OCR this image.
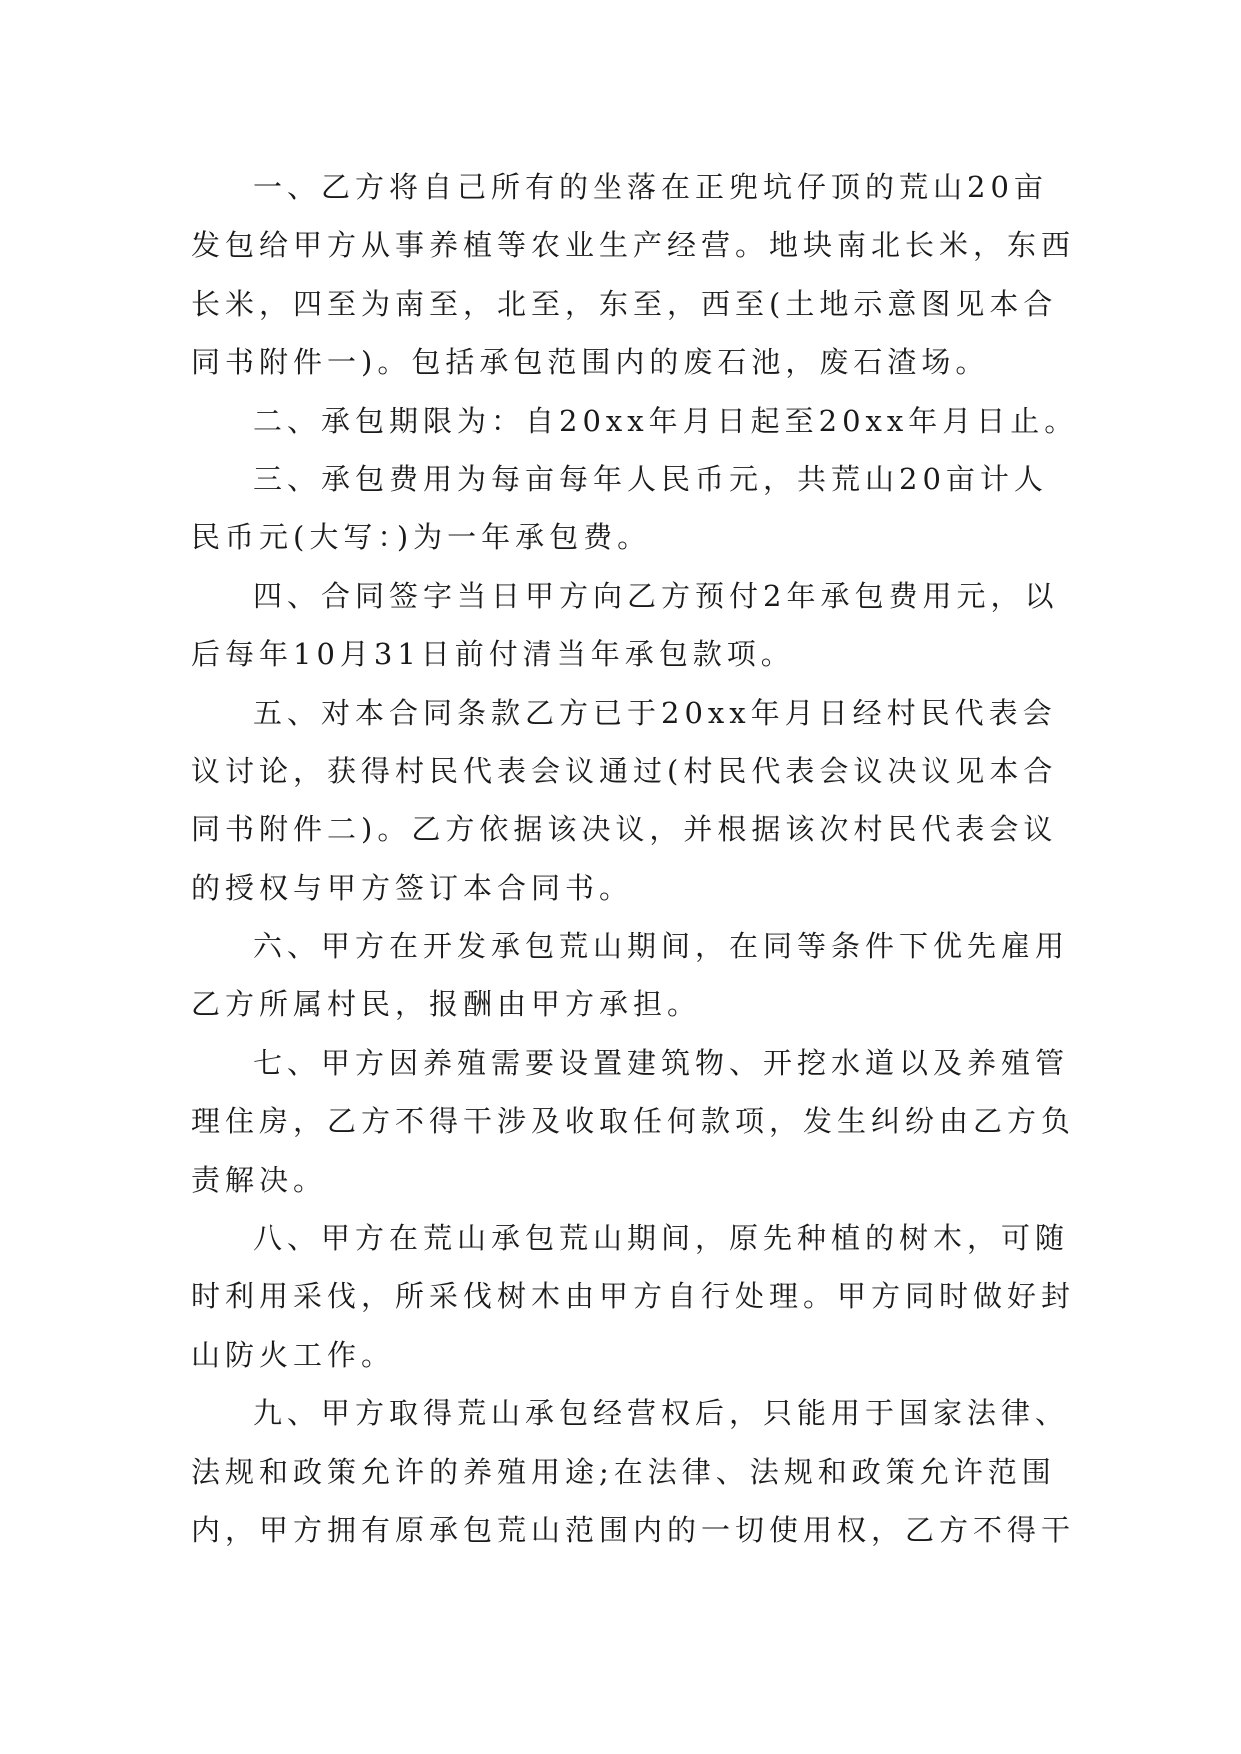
一、乙方将自己所有的坐落在正兜坑仔顶的荒山20亩
发包给甲方从事养植等农业生产经营。地块南北长米，东西
长米，四至为南至，北至，东至，西至(土地示意图见本合
同书附件一)。包括承包范围内的废石池，废石渣场。
二、承包期限为：自20xx年月日起至20xx年月日止。
三、承包费用为每亩每年人民币元，共荒山20亩计人
民币元(大写：)为一年承包费。
四、合同签字当日甲方向乙方预付2年承包费用元，以
后每年10月31日前付清当年承包款项。
五、对本合同条款乙方已于20xx年月日经村民代表会
议讨论，获得村民代表会议通过(村民代表会议决议见本合
同书附件二)。乙方依据该决议，并根据该次村民代表会议
的授权与甲方签订本合同书。
六、甲方在开发承包荒山期间，在同等条件下优先雇用
乙方所属村民，报酬由甲方承担。
七、甲方因养殖需要设置建筑物、开挖水道以及养殖管
理住房，乙方不得干涉及收取任何款项，发生纠纷由乙方负
责解决。
八、甲方在荒山承包荒山期间，原先种植的树木，可随
时利用采伐，所采伐树木由甲方自行处理。甲方同时做好封
山防火工作。
九、甲方取得荒山承包经营权后，只能用于国家法律、
法规和政策允许的养殖用途;在法律、法规和政策允许范围
内，甲方拥有原承包荒山范围内的一切使用权，乙方不得干
